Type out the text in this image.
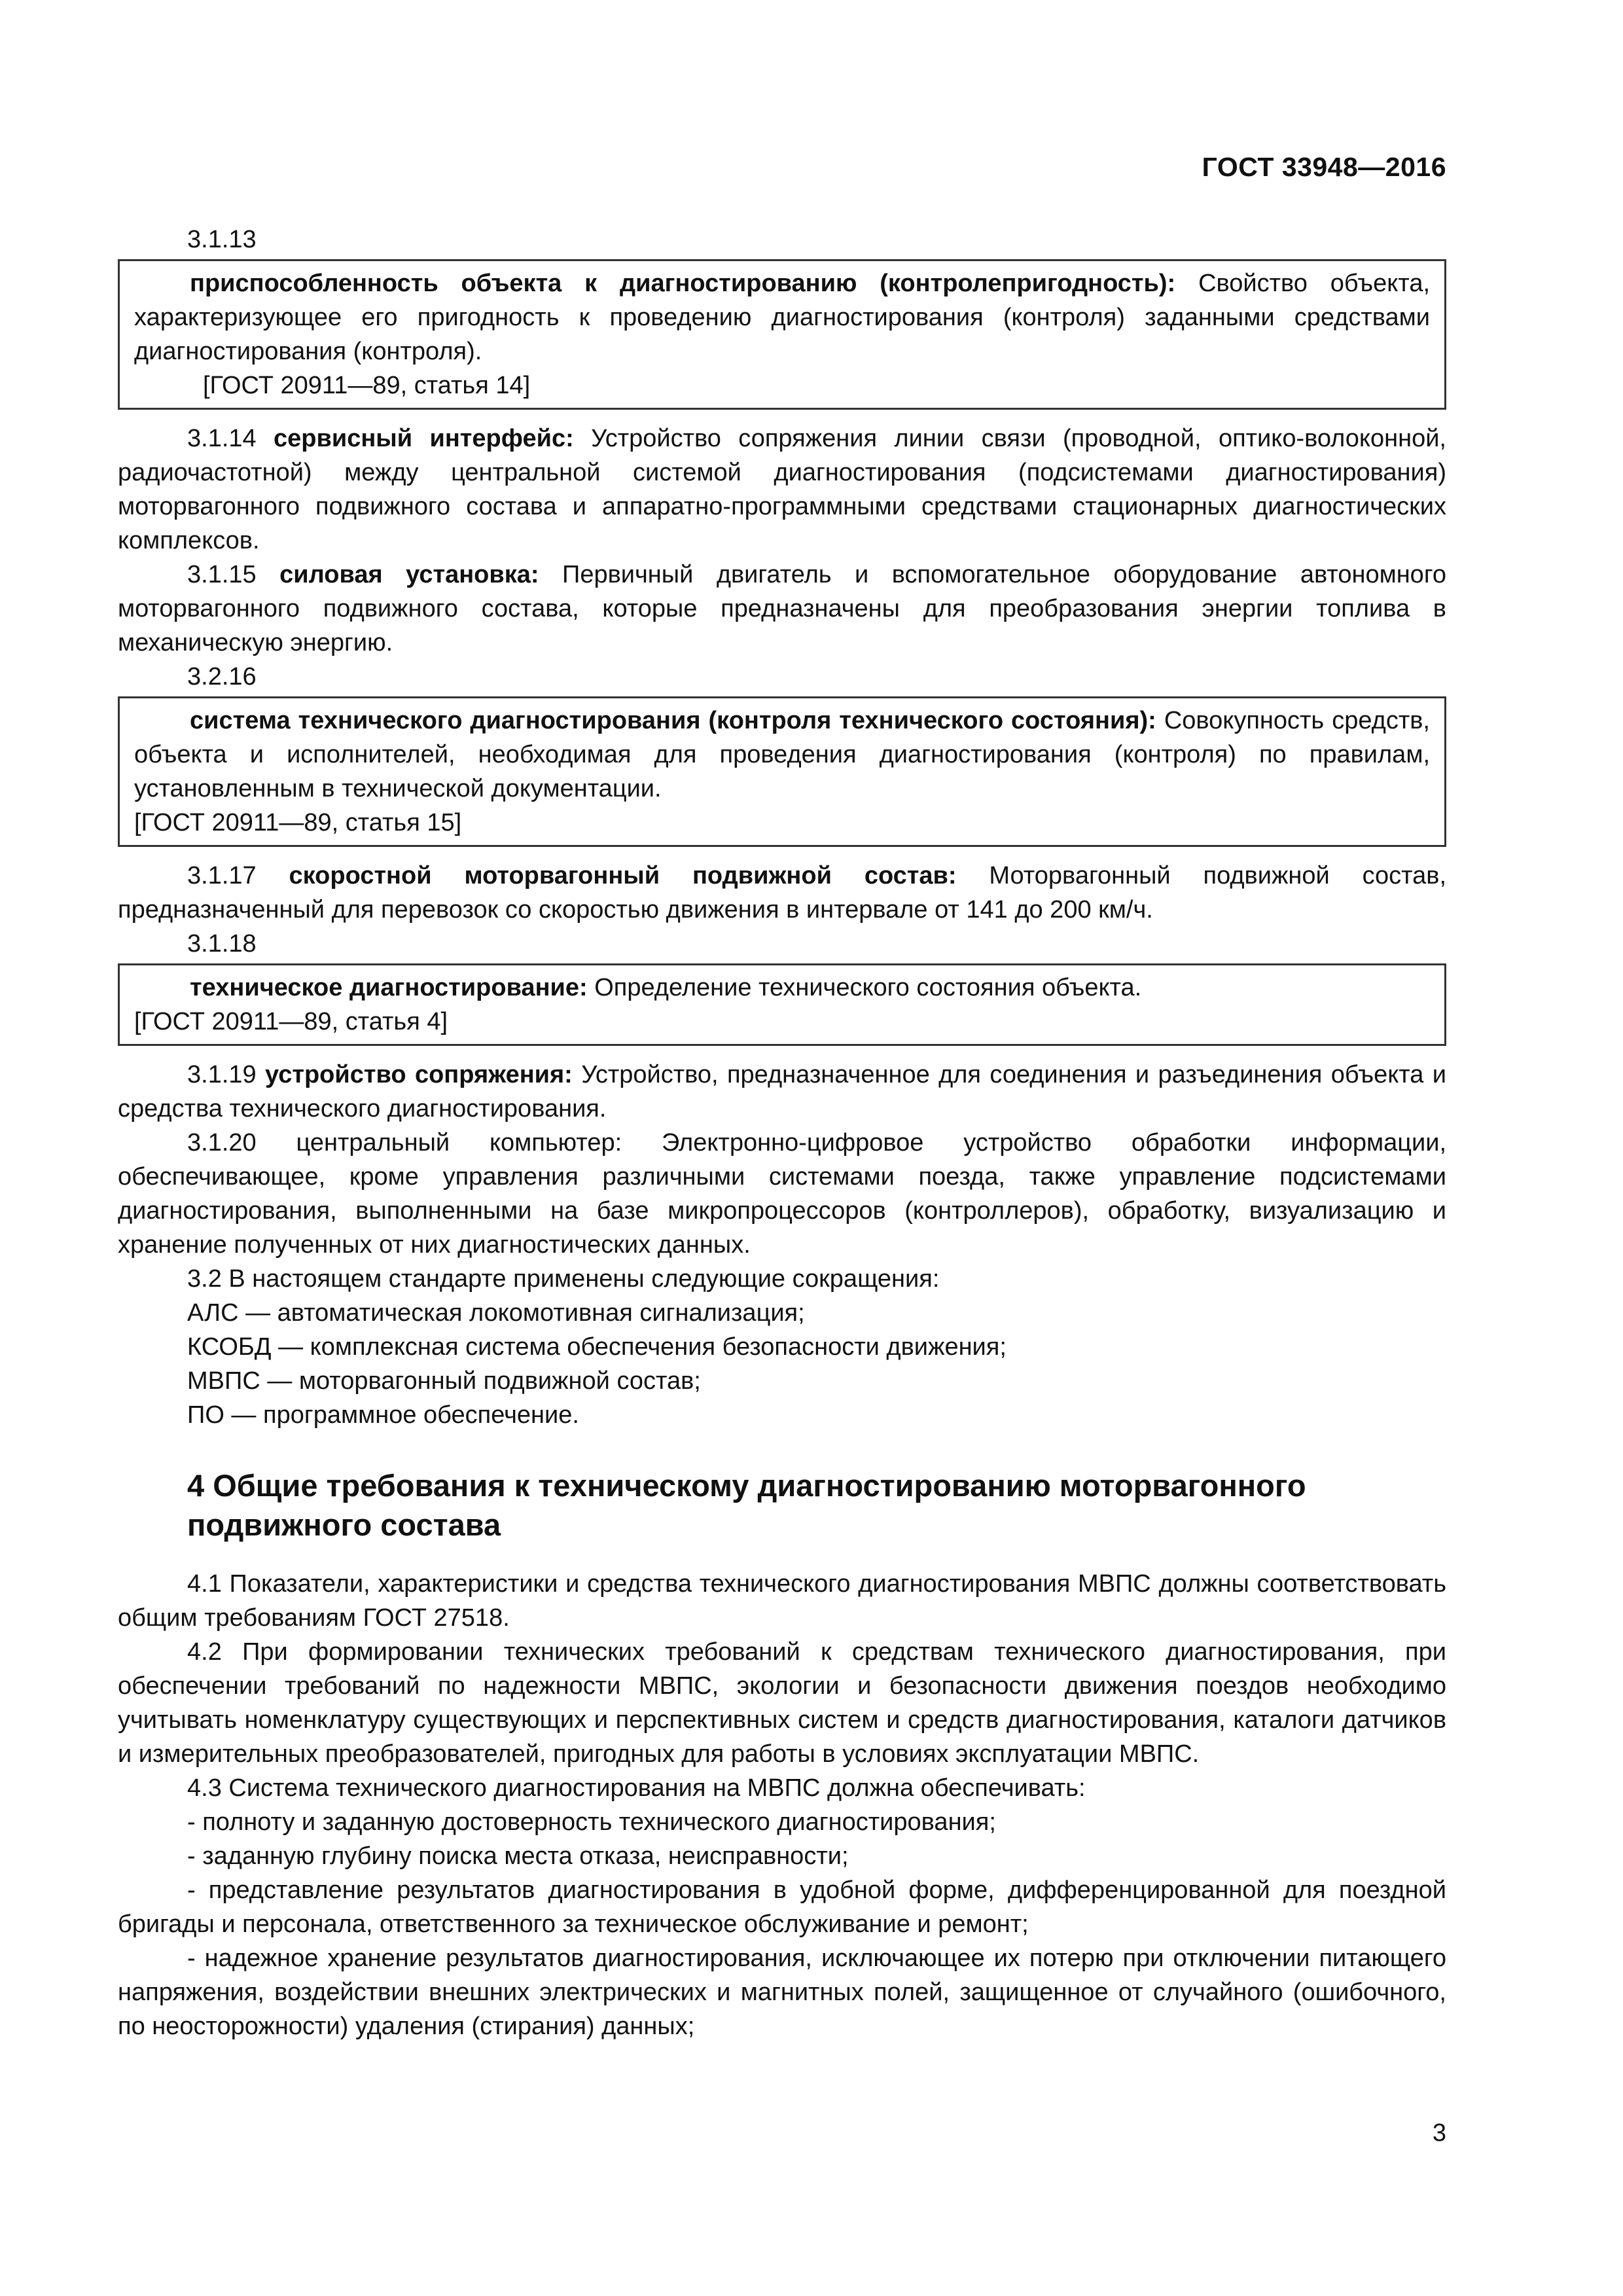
ГОСТ 33948—2016
3.1.13

приспособленность объекта к диагностированию (контролепригодность): Свойство объекта, характеризующее его пригодность к проведению диагностирования (контроля) заданными средствами диагностирования (контроля).

[ГОСТ 20911—89, статья 14]

3.1.14 сервисный интерфейс: Устройство сопряжения линии связи (проводной, оптико-волоконной, радиочастотной) между центральной системой диагностирования (подсистемами диагностирования) моторвагонного подвижного состава и аппаратно-программными средствами стационарных диагностических комплексов.

3.1.15 силовая установка: Первичный двигатель и вспомогательное оборудование автономного моторвагонного подвижного состава, которые предназначены для преобразования энергии топлива в механическую энергию.

3.2.16

система технического диагностирования (контроля технического состояния): Совокупность средств, объекта и исполнителей, необходимая для проведения диагностирования (контроля) по правилам, установленным в технической документации.

[ГОСТ 20911—89, статья 15]

3.1.17 скоростной моторвагонный подвижной состав: Моторвагонный подвижной состав, предназначенный для перевозок со скоростью движения в интервале от 141 до 200 км/ч.

3.1.18

техническое диагностирование: Определение технического состояния объекта.

[ГОСТ 20911—89, статья 4]

3.1.19 устройство сопряжения: Устройство, предназначенное для соединения и разъединения объекта и средства технического диагностирования.

3.1.20 центральный компьютер: Электронно-цифровое устройство обработки информации, обеспечивающее, кроме управления различными системами поезда, также управление подсистемами диагностирования, выполненными на базе микропроцессоров (контроллеров), обработку, визуализацию и хранение полученных от них диагностических данных.

3.2 В настоящем стандарте применены следующие сокращения:

АЛС — автоматическая локомотивная сигнализация;

КСОБД — комплексная система обеспечения безопасности движения;

МВПС — моторвагонный подвижной состав;

ПО — программное обеспечение.

4 Общие требования к техническому диагностированию моторвагонного подвижного состава

4.1 Показатели, характеристики и средства технического диагностирования МВПС должны соответствовать общим требованиям ГОСТ 27518.

4.2 При формировании технических требований к средствам технического диагностирования, при обеспечении требований по надежности МВПС, экологии и безопасности движения поездов необходимо учитывать номенклатуру существующих и перспективных систем и средств диагностирования, каталоги датчиков и измерительных преобразователей, пригодных для работы в условиях эксплуатации МВПС.

4.3 Система технического диагностирования на МВПС должна обеспечивать:

- полноту и заданную достоверность технического диагностирования;

- заданную глубину поиска места отказа, неисправности;

- представление результатов диагностирования в удобной форме, дифференцированной для поездной бригады и персонала, ответственного за техническое обслуживание и ремонт;

- надежное хранение результатов диагностирования, исключающее их потерю при отключении питающего напряжения, воздействии внешних электрических и магнитных полей, защищенное от случайного (ошибочного, по неосторожности) удаления (стирания) данных;

3
